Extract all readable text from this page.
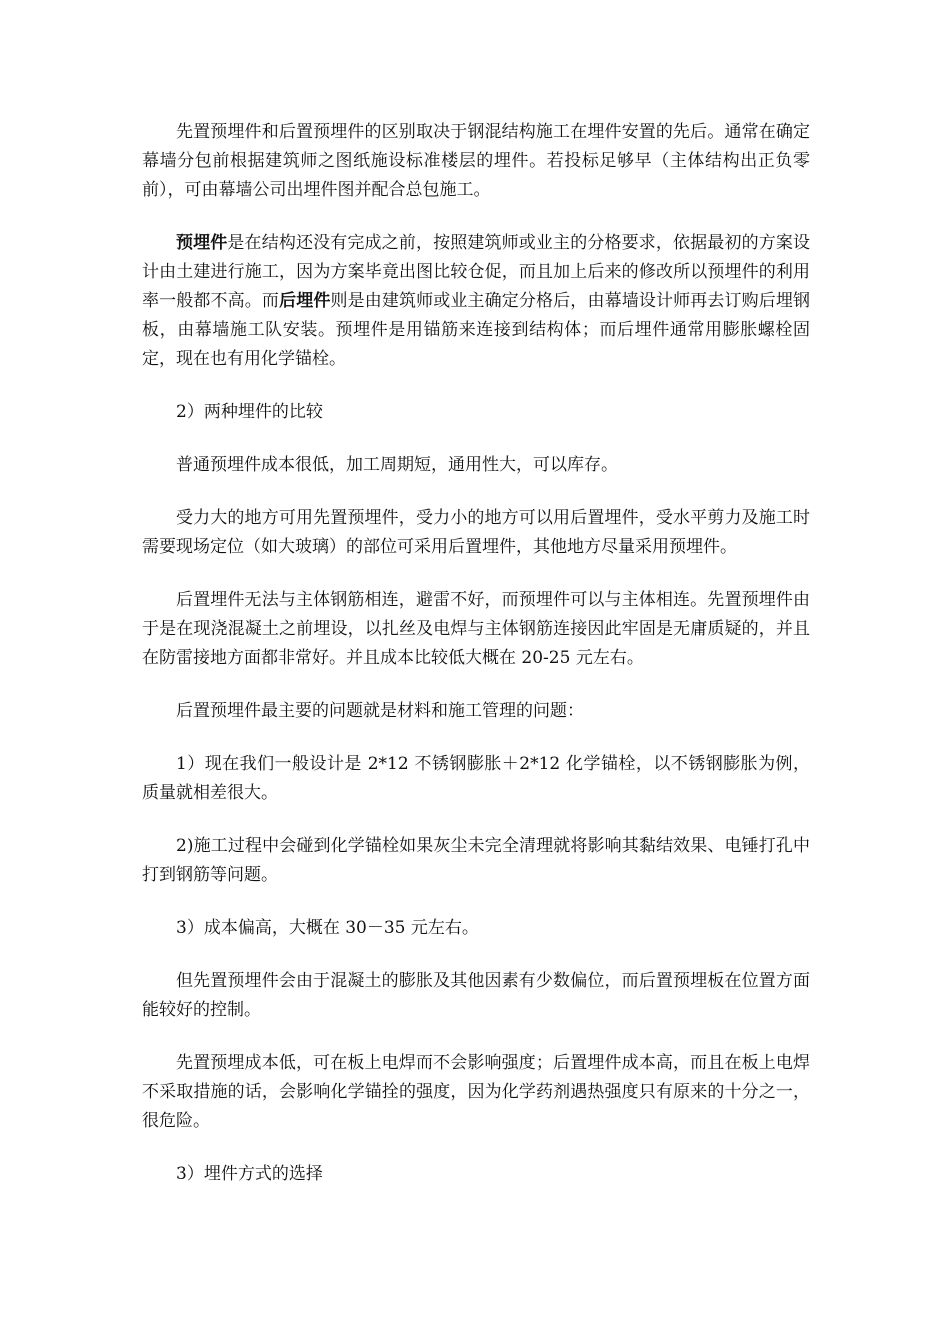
先置预埋件和后置预埋件的区别取决于钢混结构施工在埋件安置的先后。通常在确定幕墙分包前根据建筑师之图纸施设标准楼层的埋件。若投标足够早（主体结构出正负零前），可由幕墙公司出埋件图并配合总包施工。

预埋件是在结构还没有完成之前，按照建筑师或业主的分格要求，依据最初的方案设计由土建进行施工，因为方案毕竟出图比较仓促，而且加上后来的修改所以预埋件的利用率一般都不高。而后埋件则是由建筑师或业主确定分格后，由幕墙设计师再去订购后埋钢板，由幕墙施工队安装。预埋件是用锚筋来连接到结构体；而后埋件通常用膨胀螺栓固定，现在也有用化学锚栓。

2）两种埋件的比较

普通预埋件成本很低，加工周期短，通用性大，可以库存。

受力大的地方可用先置预埋件，受力小的地方可以用后置埋件，受水平剪力及施工时需要现场定位（如大玻璃）的部位可采用后置埋件，其他地方尽量采用预埋件。

后置埋件无法与主体钢筋相连，避雷不好，而预埋件可以与主体相连。先置预埋件由于是在现浇混凝土之前埋设，以扎丝及电焊与主体钢筋连接因此牢固是无庸质疑的，并且在防雷接地方面都非常好。并且成本比较低大概在 20-25 元左右。

后置预埋件最主要的问题就是材料和施工管理的问题：

1）现在我们一般设计是 2*12 不锈钢膨胀＋2*12 化学锚栓，以不锈钢膨胀为例，质量就相差很大。

2)施工过程中会碰到化学锚栓如果灰尘未完全清理就将影响其黏结效果、电锤打孔中打到钢筋等问题。

3）成本偏高，大概在 30－35 元左右。

但先置预埋件会由于混凝土的膨胀及其他因素有少数偏位，而后置预埋板在位置方面能较好的控制。

先置预埋成本低，可在板上电焊而不会影响强度；后置埋件成本高，而且在板上电焊不采取措施的话，会影响化学锚拴的强度，因为化学药剂遇热强度只有原来的十分之一，很危险。

3）埋件方式的选择
